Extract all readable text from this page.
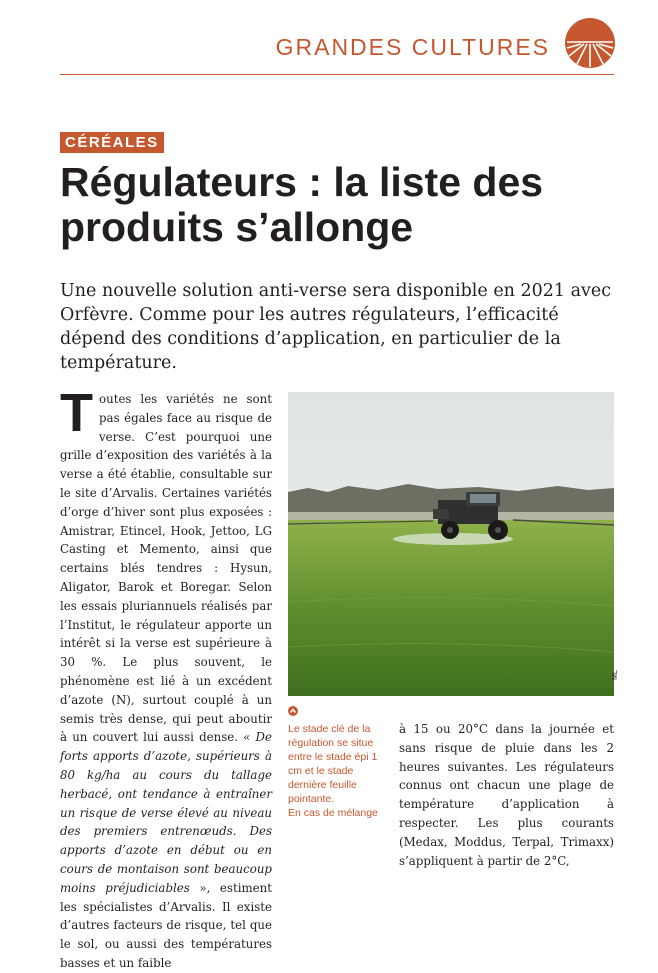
GRANDES CULTURES
CÉRÉALES
Régulateurs : la liste des produits s’allonge

Une nouvelle solution anti-verse sera disponible en 2021 avec Orfèvre. Comme pour les autres régulateurs, l’efficacité dépend des conditions d’application, en particulier de la température.

Toutes les variétés ne sont pas égales face au risque de verse. C’est pourquoi une grille d’exposition des variétés à la verse a été établie, consultable sur le site d’Arvalis. Certaines variétés d’orge d’hiver sont plus exposées : Amistrar, Etincel, Hook, Jettoo, LG Casting et Memento, ainsi que certains blés tendres : Hysun, Aligator, Barok et Boregar. Selon les essais pluriannuels réalisés par l’Institut, le régulateur apporte un intérêt si la verse est supérieure à 30 %. Le plus souvent, le phénomène est lié à un excédent d’azote (N), surtout couplé à un semis très dense, qui peut aboutir à un couvert lui aussi dense. « De forts apports d’azote, supérieurs à 80 kg/ha au cours du tallage herbacé, ont tendance à entraîner un risque de verse élevé au niveau des premiers entrenœuds. Des apports d’azote en début ou en cours de montaison sont beaucoup moins préjudiciables », estiment les spécialistes d’Arvalis. Il existe d’autres facteurs de risque, tel que le sol, ou aussi des températures basses et un faible

ML

Le stade clé de la régulation se situe entre le stade épi 1 cm et le stade dernière feuille pointante.
En cas de mélange

à 15 ou 20°C dans la journée et sans risque de pluie dans les 2 heures suivantes. Les régulateurs connus ont chacun une plage de température d’application à respecter. Les plus courants (Medax, Moddus, Terpal, Trimaxx) s’appliquent à partir de 2°C,
